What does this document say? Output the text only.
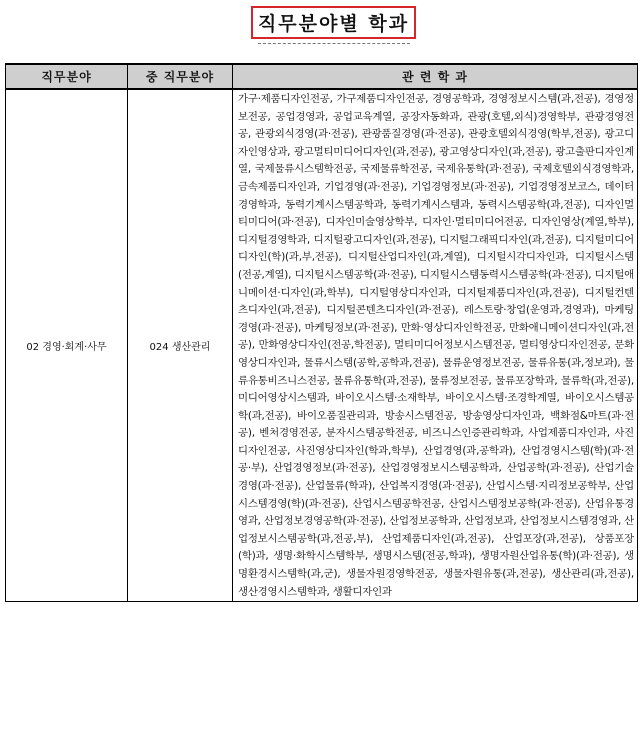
직무분야별 학과
직무분야	중 직무분야	관 련 학 과
02 경영·회계·사무	024 생산관리	가구·제품디자인전공, 가구제품디자인전공, 경영공학과, 경영정보시스템(과,전공), 경영정보전공, 공업경영과, 공업교육계열, 공장자동화과, 관광(호텔,외식)경영학부, 관광경영전공, 관광외식경영(과·전공), 관광품질경영(과·전공), 관광호텔외식경영(학부,전공), 광고디자인영상과, 광고멀티미디어디자인(과,전공), 광고영상디자인(과,전공), 광고출판디자인계열, 국제물류시스템학전공, 국제물류학전공, 국제유통학(과·전공), 국제호텔외식경영학과, 금속제품디자인과, 기업경영(과·전공), 기업경영정보(과·전공), 기업경영정보코스, 데이터경영학과, 동력기계시스템공학과, 동력기계시스템과, 동력시스템공학(과,전공), 디자인멀티미디어(과·전공), 디자인미술영상학부, 디자인·멀티미디어전공, 디자인영상(계열,학부), 디지털경영학과, 디지털광고디자인(과,전공), 디지털그래픽디자인(과,전공), 디지털미디어디자인(학)(과,부,전공), 디지털산업디자인(과,계열), 디지털시각디자인과, 디지털시스템(전공,계열), 디지털시스템공학(과·전공), 디지털시스템동력시스템공학(과·전공), 디지털애니메이션·디자인(과,학부), 디지털영상디자인과, 디지털제품디자인(과,전공), 디지털컨텐츠디자인(과,전공), 디지털콘텐츠디자인(과·전공), 레스토랑·창업(운영과,경영과), 마케팅경영(과·전공), 마케팅정보(과·전공), 만화·영상디자인학전공, 만화애니메이션디자인(과,전공), 만화영상디자인(전공,학전공), 멀티미디어정보시스템전공, 멀티영상디자인전공, 문화영상디자인과, 물류시스템(공학,공학과,전공), 물류운영정보전공, 물류유통(과,정보과), 물류유통비즈니스전공, 물류유통학(과,전공), 물류정보전공, 물류포장학과, 물류학(과,전공), 미디어영상시스템과, 바이오시스템·소재학부, 바이오시스템·조경학계열, 바이오시스템공학(과,전공), 바이오품질관리과, 방송시스템전공, 방송영상디자인과, 백화점&마트(과·전공), 벤처경영전공, 분자시스템공학전공, 비즈니스인증관리학과, 사업제품디자인과, 사진디자인전공, 사진영상디자인(학과,학부), 산업경영(과,공학과), 산업경영시스템(학)(과·전공·부), 산업경영정보(과·전공), 산업경영정보시스템공학과, 산업공학(과·전공), 산업기술경영(과·전공), 산업물류(학과), 산업복지경영(과·전공), 산업시스템·지리정보공학부, 산업시스템경영(학)(과·전공), 산업시스템공학전공, 산업시스템정보공학(과·전공), 산업유통경영과, 산업정보경영공학(과·전공), 산업정보공학과, 산업정보과, 산업정보시스템경영과, 산업정보시스템공학(과,전공,부), 산업제품디자인(과,전공), 산업포장(과,전공), 상품포장(학)과, 생명·화학시스템학부, 생명시스템(전공,학과), 생명자원산업유통(학)(과·전공), 생명환경시스템학(과,군), 생물자원경영학전공, 생물자원유통(과,전공), 생산관리(과,전공), 생산경영시스템학과, 생활디자인과
